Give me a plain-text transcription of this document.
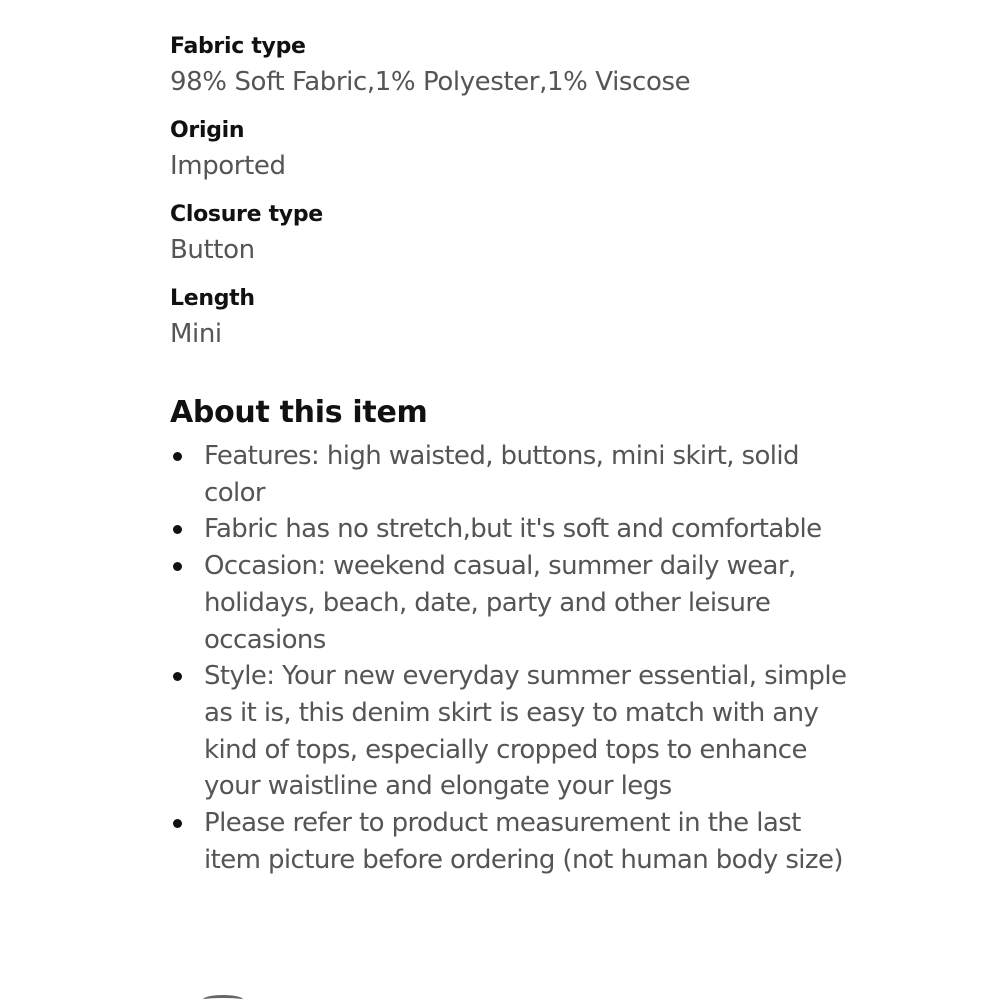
Fabric type
98% Soft Fabric,1% Polyester,1% Viscose
Origin
Imported
Closure type
Button
Length
Mini
About this item
Features: high waisted, buttons, mini skirt, solid color
Fabric has no stretch,but it's soft and comfortable
Occasion: weekend casual, summer daily wear, holidays, beach, date, party and other leisure occasions
Style: Your new everyday summer essential, simple as it is, this denim skirt is easy to match with any kind of tops, especially cropped tops to enhance your waistline and elongate your legs
Please refer to product measurement in the last item picture before ordering (not human body size)
